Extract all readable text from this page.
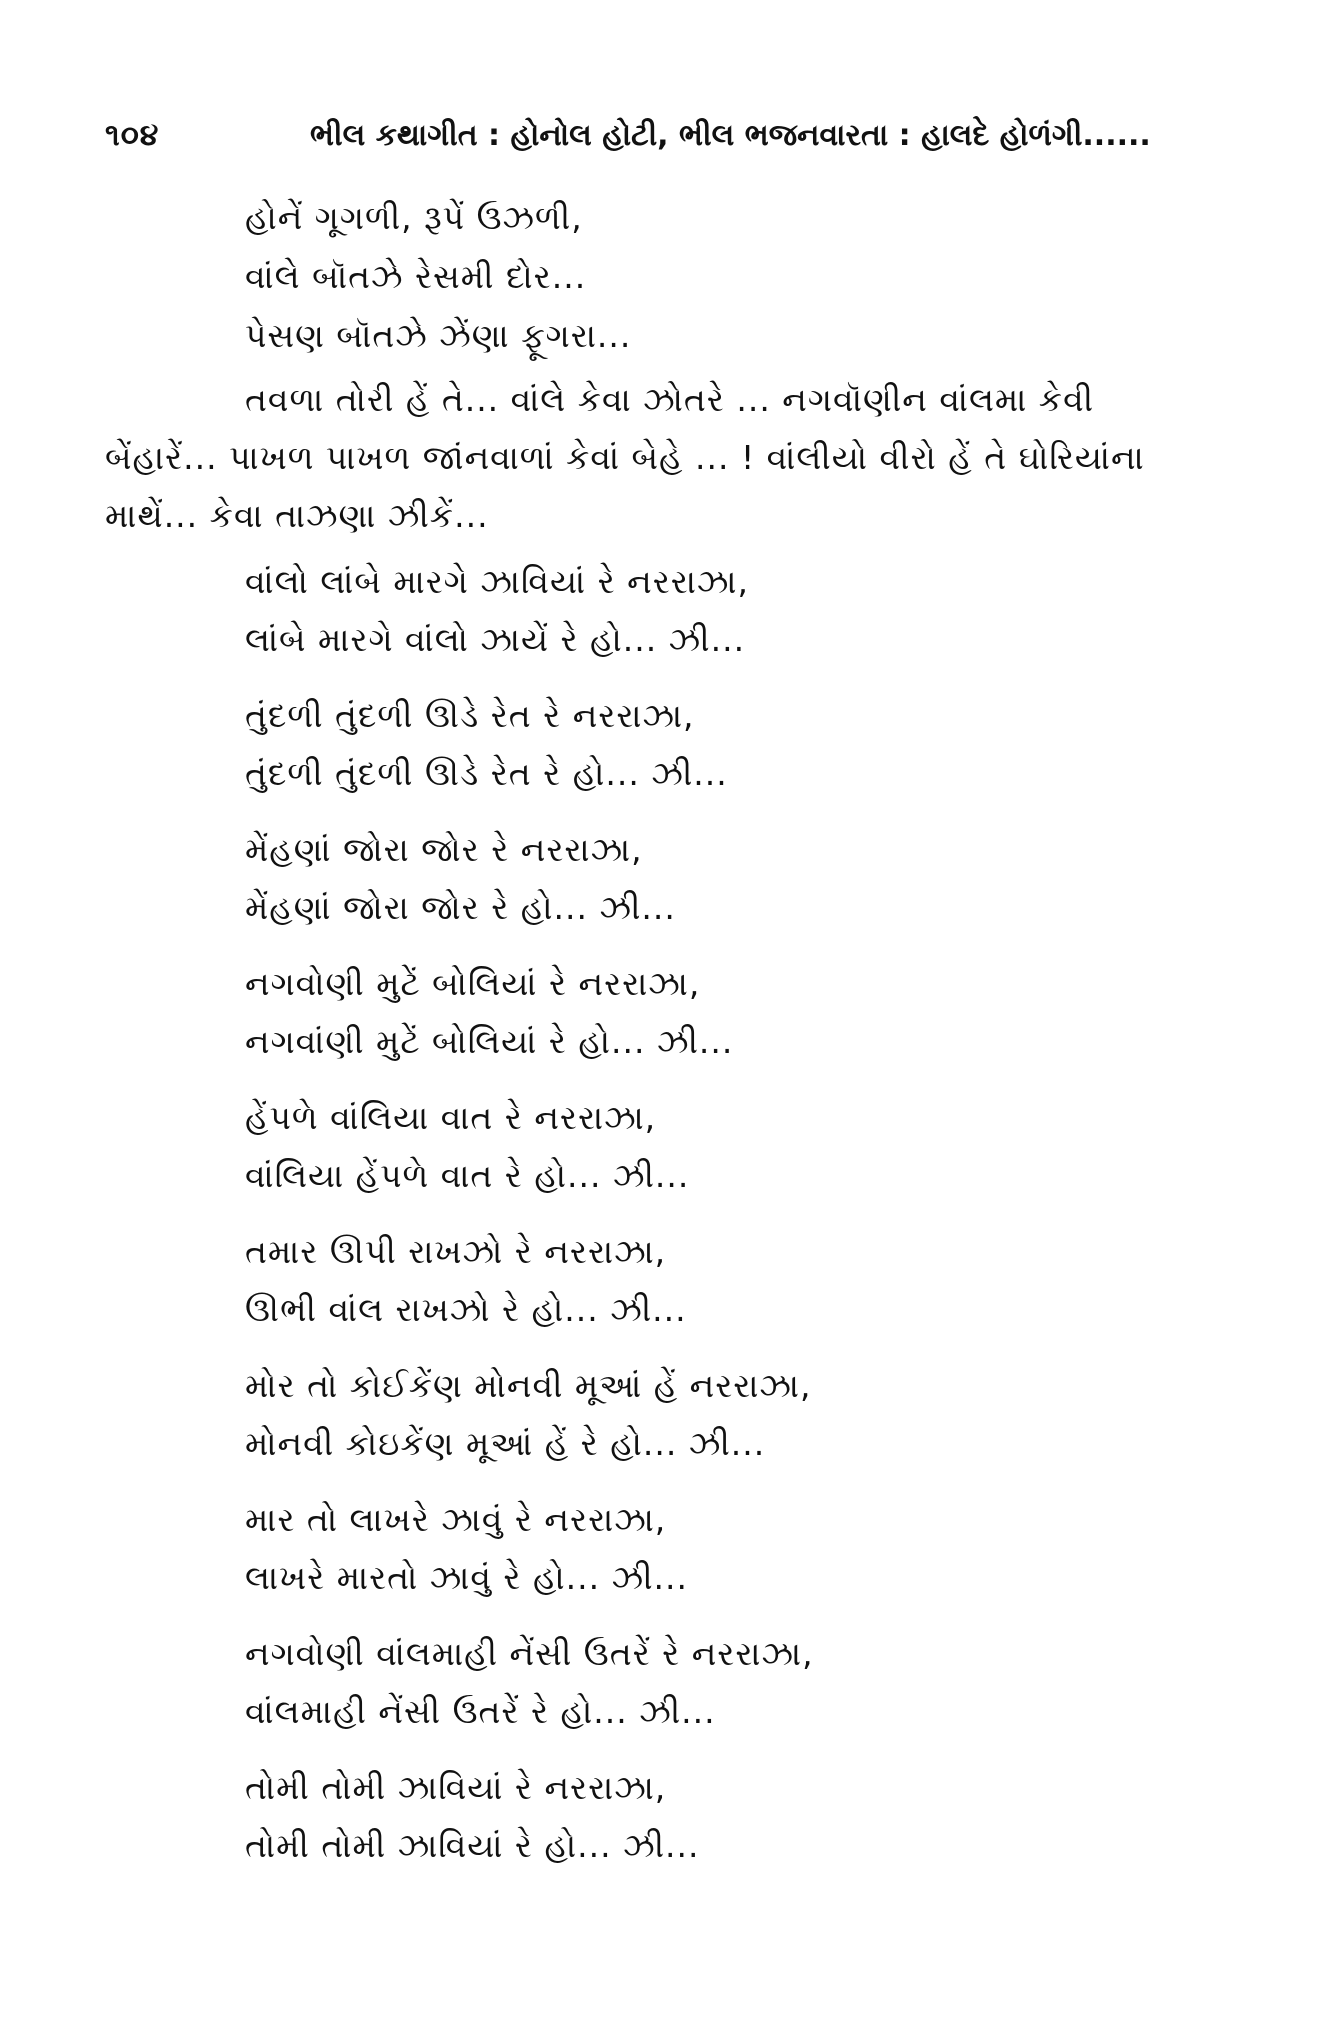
૧૦૪	ભીલ કથાગીત : હોનોલ હોટી, ભીલ ભજનવારતા : હાલદે હોળંગી......
હોનેં ગૂગળી, રૂપેં ઉઝળી,
વાંલે બૉતઝે રેસમી દોર...
પેસણ બૉતઝે ઝેંણા ફૂગરા...
તવળા તોરી હેં તે... વાંલે કેવા ઝોતરે ... નગવૉણીન વાંલમા કેવી
બેંહારેં... પાખળ પાખળ જાંનવાળાં કેવાં બેહે ... ! વાંલીયો વીરો હેં તે ઘોરિયાંના
માથેં... કેવા તાઝણા ઝીકેં...
વાંલો લાંબે મારગે ઝાવિયાં રે નરરાઝા,
લાંબે મારગે વાંલો ઝાયેં રે હો... ઝી...
તુંદળી તુંદળી ઊડે રેત રે નરરાઝા,
તુંદળી તુંદળી ઊડે રેત રે હો... ઝી...
મેંહણાં જોરા જોર રે નરરાઝા,
મેંહણાં જોરા જોર રે હો... ઝી...
નગવોણી મુટેં બોલિયાં રે નરરાઝા,
નગવાંણી મુટેં બોલિયાં રે હો... ઝી...
હેંપળે વાંલિયા વાત રે નરરાઝા,
વાંલિયા હેંપળે વાત રે હો... ઝી...
તમાર ઊપી રાખઝો રે નરરાઝા,
ઊભી વાંલ રાખઝો રે હો... ઝી...
મોર તો કોઈકેંણ મોનવી મૂઆં હેં નરરાઝા,
મોનવી કોઇકેંણ મૂઆં હેં રે હો... ઝી...
માર તો લાખરે ઝાવું રે નરરાઝા,
લાખરે મારતો ઝાવું રે હો... ઝી...
નગવોણી વાંલમાહી નેંસી ઉતરેં રે નરરાઝા,
વાંલમાહી નેંસી ઉતરેં રે હો... ઝી...
તોમી તોમી ઝાવિયાં રે નરરાઝા,
તોમી તોમી ઝાવિયાં રે હો... ઝી...
